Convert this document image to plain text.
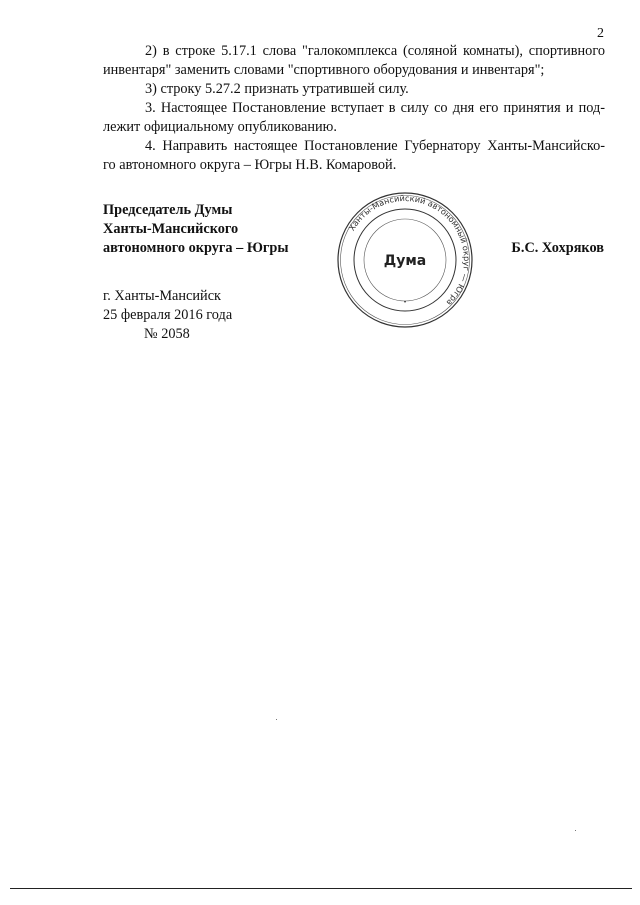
2

2) в строке 5.17.1 слова "галокомплекса (соляной комнаты), спортивного инвентаря" заменить словами "спортивного оборудования и инвентаря";

3) строку 5.27.2 признать утратившей силу.

3. Настоящее Постановление вступает в силу со дня его принятия и под- лежит официальному опубликованию.

4. Направить настоящее Постановление Губернатору Ханты-Мансийско- го автономного округа – Югры Н.В. Комаровой.

Председатель Думы
Ханты-Мансийского
автономного округа – Югры
Ханты-Мансийский автономный округ — Югра
Дума
•
Б.С. Хохряков
г. Ханты-Мансийск
25 февраля 2016 года
№ 2058
